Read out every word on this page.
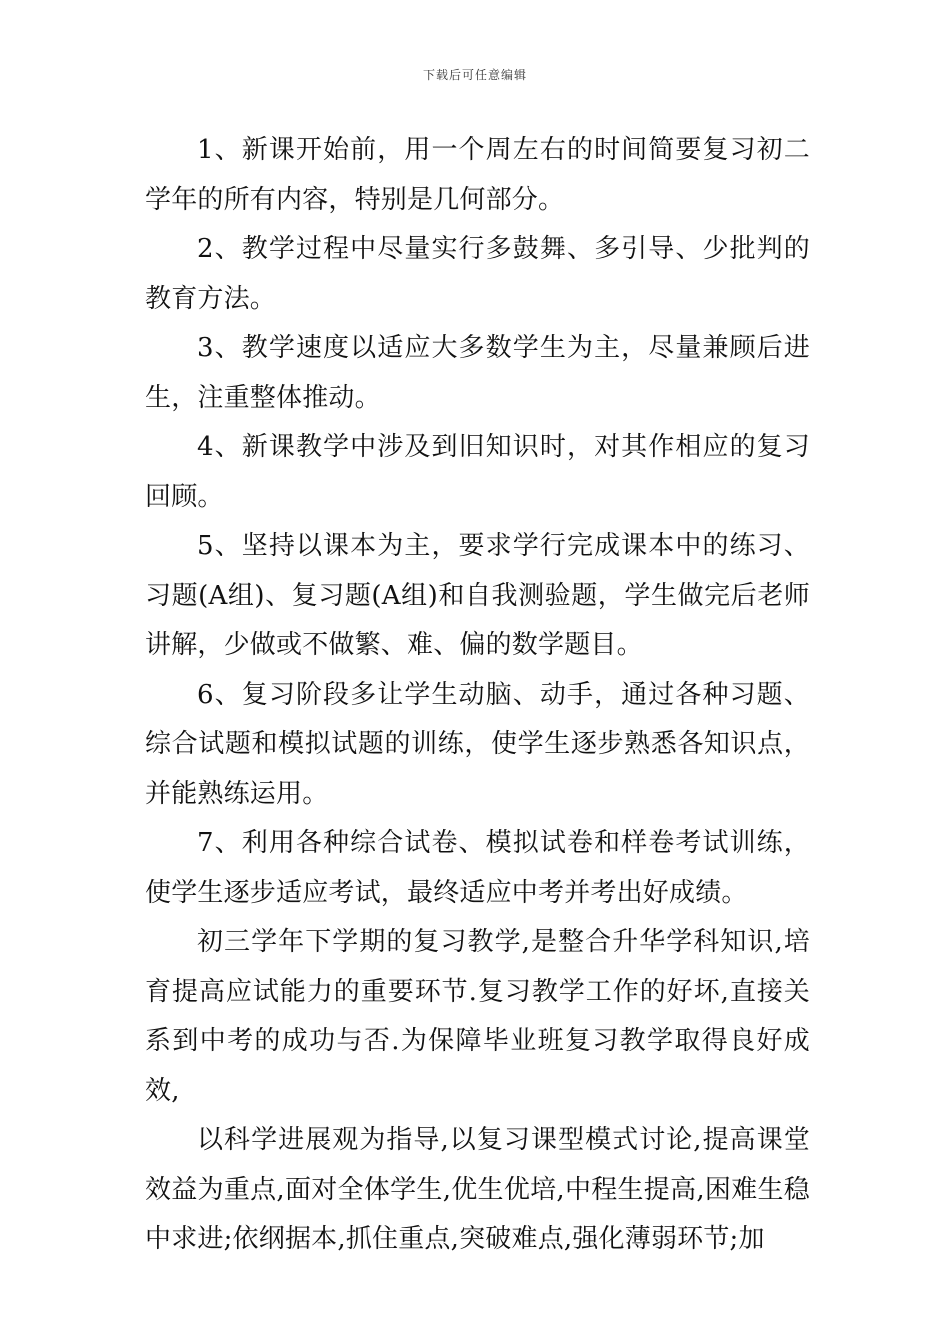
下载后可任意编辑

1、新课开始前，用一个周左右的时间简要复习初二学年的所有内容，特别是几何部分。

2、教学过程中尽量实行多鼓舞、多引导、少批判的教育方法。

3、教学速度以适应大多数学生为主，尽量兼顾后进生，注重整体推动。

4、新课教学中涉及到旧知识时，对其作相应的复习回顾。

5、坚持以课本为主，要求学行完成课本中的练习、习题(A组)、复习题(A组)和自我测验题，学生做完后老师讲解，少做或不做繁、难、偏的数学题目。

6、复习阶段多让学生动脑、动手，通过各种习题、综合试题和模拟试题的训练，使学生逐步熟悉各知识点，并能熟练运用。

7、利用各种综合试卷、模拟试卷和样卷考试训练，使学生逐步适应考试，最终适应中考并考出好成绩。

初三学年下学期的复习教学,是整合升华学科知识,培育提高应试能力的重要环节.复习教学工作的好坏,直接关系到中考的成功与否.为保障毕业班复习教学取得良好成效,

以科学进展观为指导,以复习课型模式讨论,提高课堂效益为重点,面对全体学生,优生优培,中程生提高,困难生稳中求进;依纲据本,抓住重点,突破难点,强化薄弱环节;加
